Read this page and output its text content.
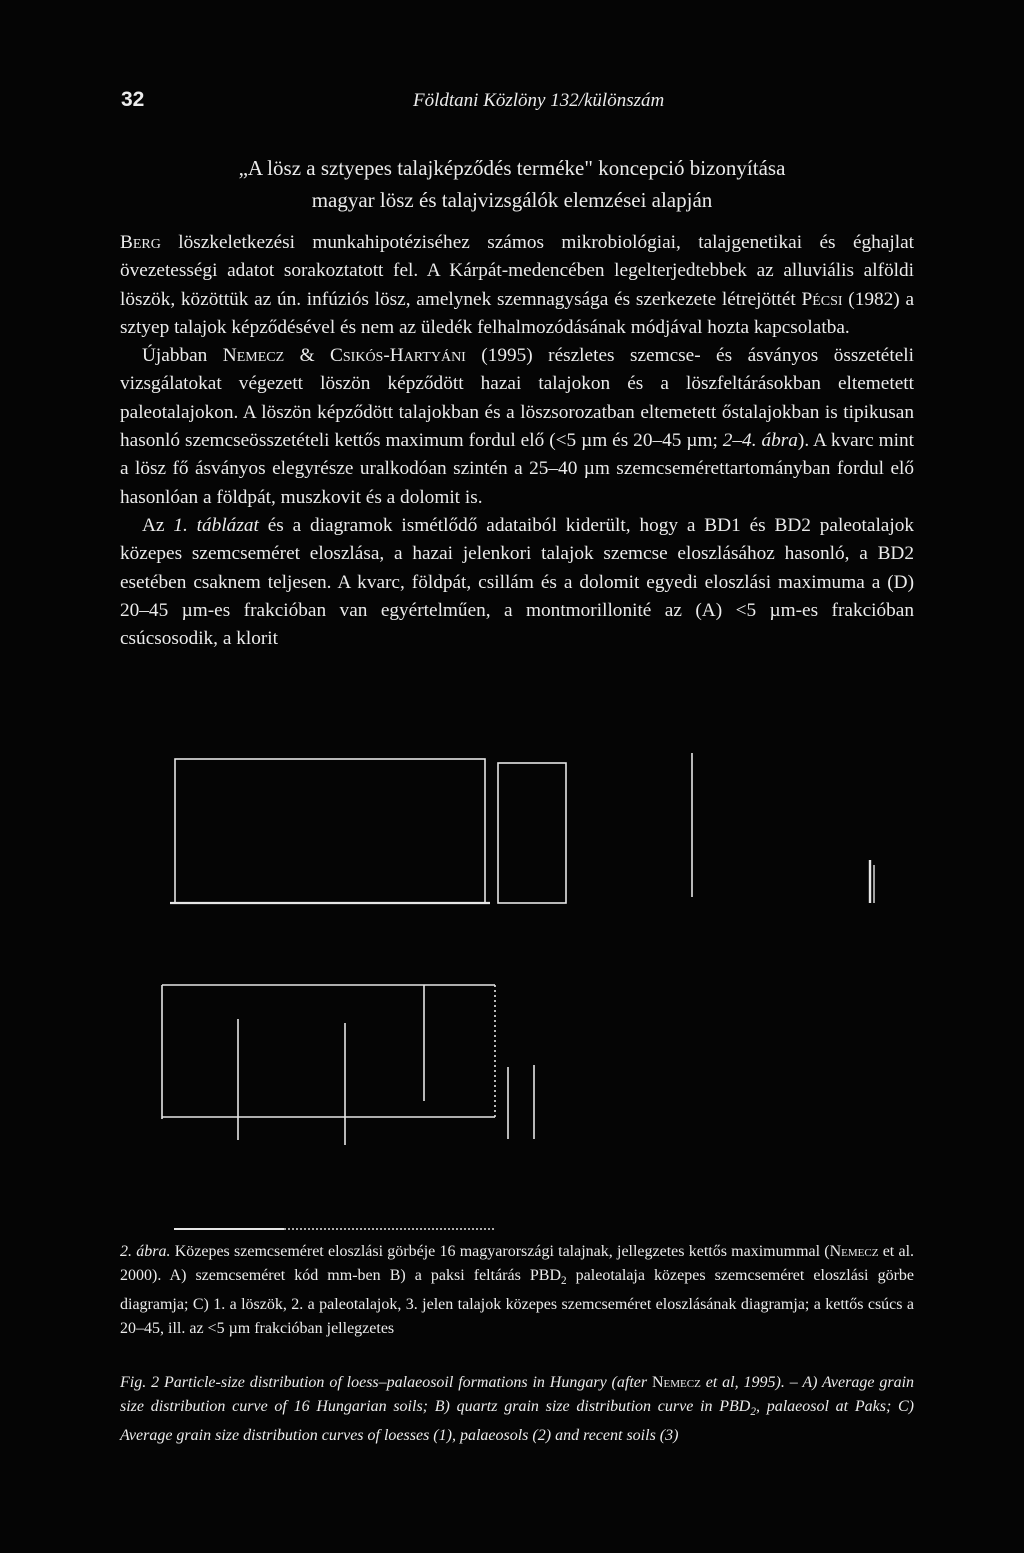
32	Földtani Közlöny 132/különszám
„A lösz a sztyepes talajképződés terméke" koncepció bizonyítása
magyar lösz és talajvizsgálók elemzései alapján

Berg löszkeletkezési munkahipotéziséhez számos mikrobiológiai, talajgenetikai és éghajlat övezetességi adatot sorakoztatott fel. A Kárpát-medencében legelterjedtebbek az alluviális alföldi löszök, közöttük az ún. infúziós lösz, amelynek szemnagysága és szerkezete létrejöttét Pécsi (1982) a sztyep talajok képződésével és nem az üledék felhalmozódásának módjával hozta kapcsolatba.

Újabban Nemecz & Csikós-Hartyáni (1995) részletes szemcse- és ásványos összetételi vizsgálatokat végezett löszön képződött hazai talajokon és a löszfeltárásokban eltemetett paleotalajokon. A löszön képződött talajokban és a löszsorozatban eltemetett őstalajokban is tipikusan hasonló szemcseösszetételi kettős maximum fordul elő (<5 µm és 20–45 µm; 2–4. ábra). A kvarc mint a lösz fő ásványos elegyrésze uralkodóan szintén a 25–40 µm szemcsemérettartományban fordul elő hasonlóan a földpát, muszkovit és a dolomit is.

Az 1. táblázat és a diagramok ismétlődő adataiból kiderült, hogy a BD1 és BD2 paleotalajok közepes szemcseméret eloszlása, a hazai jelenkori talajok szemcse eloszlásához hasonló, a BD2 esetében csaknem teljesen. A kvarc, földpát, csillám és a dolomit egyedi eloszlási maximuma a (D) 20–45 µm-es frakcióban van egyértelműen, a montmorillonité az (A) <5 µm-es frakcióban csúcsosodik, a klorit

2. ábra. Közepes szemcseméret eloszlási görbéje 16 magyarországi talajnak, jellegzetes kettős maximummal (Nemecz et al. 2000). A) szemcseméret kód mm-ben B) a paksi feltárás $PBD_2$ paleotalaja közepes szemcseméret eloszlási görbe diagramja; C) 1. a löszök, 2. a paleotalajok, 3. jelen talajok közepes szemcseméret eloszlásának diagramja; a kettős csúcs a 20–45, ill. az <5 µm frakcióban jellegzetes
Fig. 2 Particle-size distribution of loess–palaeosoil formations in Hungary (after Nemecz et al, 1995). – A) Average grain size distribution curve of 16 Hungarian soils; B) quartz grain size distribution curve in $PBD_2$, palaeosol at Paks; C) Average grain size distribution curves of loesses (1), palaeosols (2) and recent soils (3)
